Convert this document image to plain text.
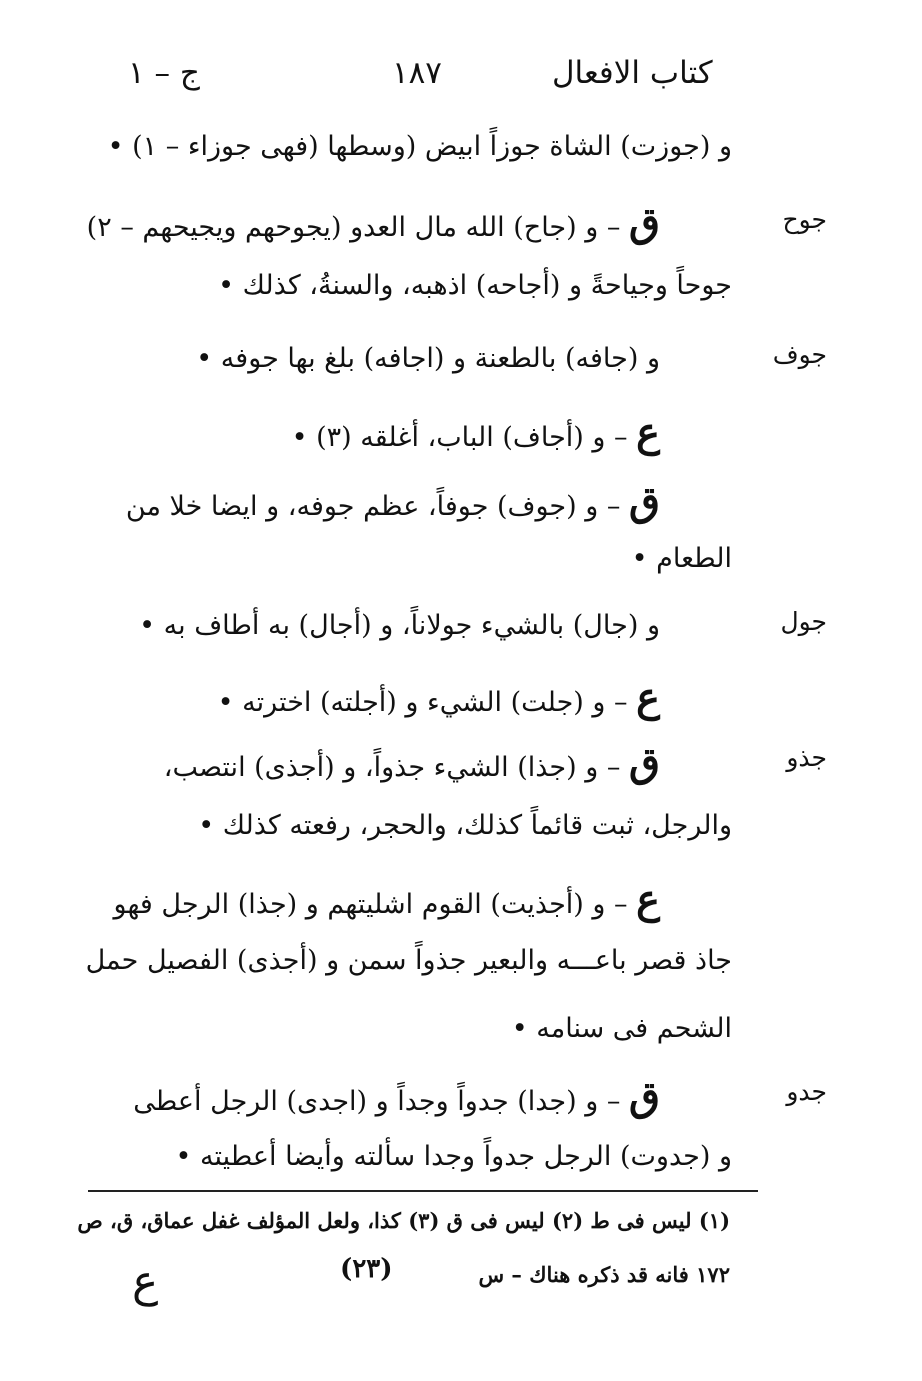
كتاب الافعال
١٨٧
ج – ١
جوح
جوف
جول
جذو
جدو
و (جوزت) الشاة جوزاً ابيض (وسطها (فهى جوزاء – ١) •
ق – و (جاح) الله مال العدو (يجوحهم ويجيحهم – ٢)
جوحاً وجياحةً و (أجاحه) اذهبه، والسنةُ، كذلك •
و (جافه) بالطعنة و (اجافه) بلغ بها جوفه •
ع – و (أجاف) الباب، أغلقه (٣) •
ق – و (جوف) جوفاً، عظم جوفه، و ايضا خلا من
الطعام •
و (جال) بالشيء جولاناً، و (أجال) به أطاف به •
ع – و (جلت) الشيء و (أجلته) اخترته •
ق – و (جذا) الشيء جذواً، و (أجذى) انتصب،
والرجل، ثبت قائماً كذلك، والحجر، رفعته كذلك •
ع – و (أجذيت) القوم اشليتهم و (جذا) الرجل فهو
جاذ قصر باعـــه والبعير جذواً سمن و (أجذى) الفصيل حمل
الشحم فى سنامه •
ق – و (جدا) جدواً وجداً و (اجدى) الرجل أعطى
و (جدوت) الرجل جدواً وجدا سألته وأيضا أعطيته •
(١) ليس فى ط (٢) ليس فى ق (٣) كذا، ولعل المؤلف غفل عماق، ق، ص
١٧٢ فانه قد ذكره هناك – س
(٢٣)
ع
